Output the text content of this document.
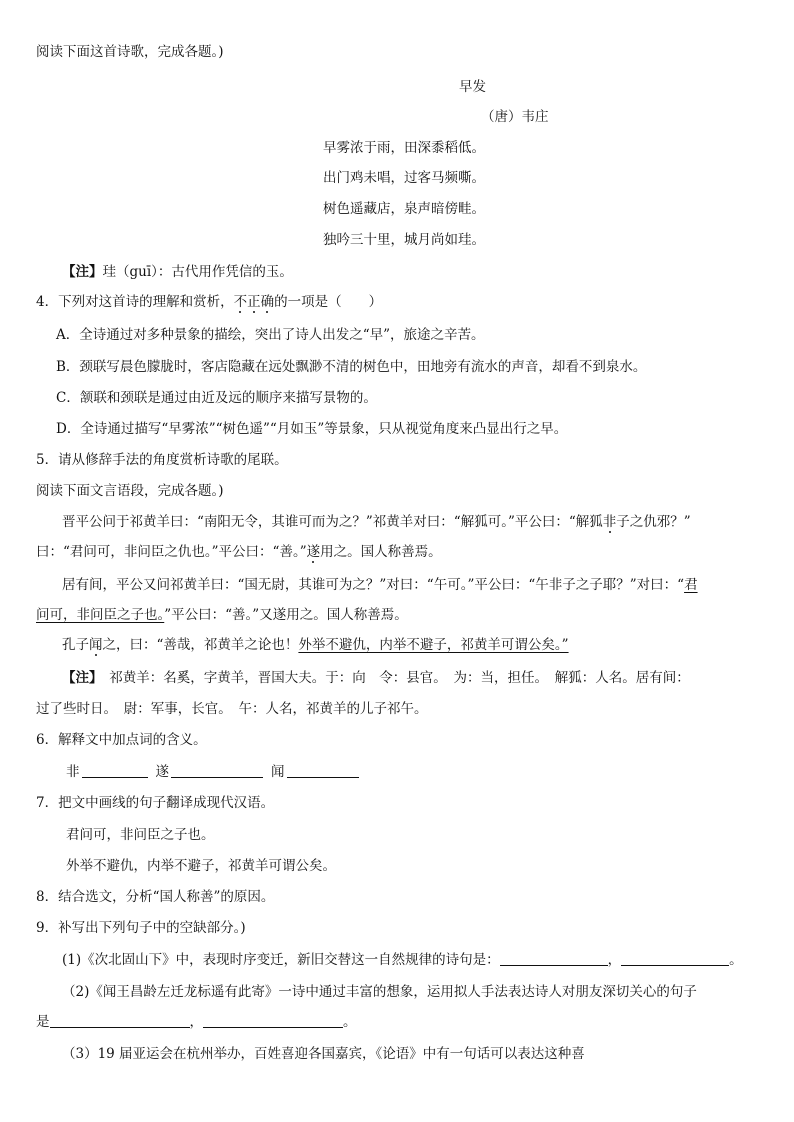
阅读下面这首诗歌，完成各题。)
早发
（唐）韦庄
早雾浓于雨，田深黍稻低。
出门鸡未唱，过客马频嘶。
树色遥藏店，泉声暗傍畦。
独吟三十里，城月尚如珪。
【注】珪（guī）：古代用作凭信的玉。
4．下列对这首诗的理解和赏析，不正确的一项是（　　）
A．全诗通过对多种景象的描绘，突出了诗人出发之“早”，旅途之辛苦。
B．颈联写晨色朦胧时，客店隐藏在远处飘渺不清的树色中，田地旁有流水的声音，却看不到泉水。
C．颔联和颈联是通过由近及远的顺序来描写景物的。
D．全诗通过描写“早雾浓”“树色遥”“月如玉”等景象，只从视觉角度来凸显出行之早。
5．请从修辞手法的角度赏析诗歌的尾联。
阅读下面文言语段，完成各题。)
晋平公问于祁黄羊曰：“南阳无令，其谁可而为之？”祁黄羊对曰：“解狐可。”平公曰：“解狐非子之仇邪？”
曰：“君问可，非问臣之仇也。”平公曰：“善。”遂用之。国人称善焉。
居有间，平公又问祁黄羊曰：“国无尉，其谁可为之？”对曰：“午可。”平公曰：“午非子之子耶？”对曰：“君
问可，非问臣之子也。”平公曰：“善。”又遂用之。国人称善焉。
孔子闻之，曰：“善哉，祁黄羊之论也！外举不避仇，内举不避子，祁黄羊可谓公矣。”
【注】　祁黄羊：名奚，字黄羊，晋国大夫。于：向　令：县官。　为：当，担任。　解狐：人名。居有间：
过了些时日。　尉：军事，长官。　午：人名，祁黄羊的儿子祁午。
6．解释文中加点词的含义。
非	遂	闻
7．把文中画线的句子翻译成现代汉语。
君问可，非问臣之子也。
外举不避仇，内举不避子，祁黄羊可谓公矣。
8．结合选文，分析“国人称善”的原因。
9．补写出下列句子中的空缺部分。)
(1)《次北固山下》中，表现时序变迁，新旧交替这一自然规律的诗句是：	，	。
（2)《闻王昌龄左迁龙标遥有此寄》一诗中通过丰富的想象，运用拟人手法表达诗人对朋友深切关心的句子
是	，	。
（3）19 届亚运会在杭州举办，百姓喜迎各国嘉宾，《论语》中有一句话可以表达这种喜
